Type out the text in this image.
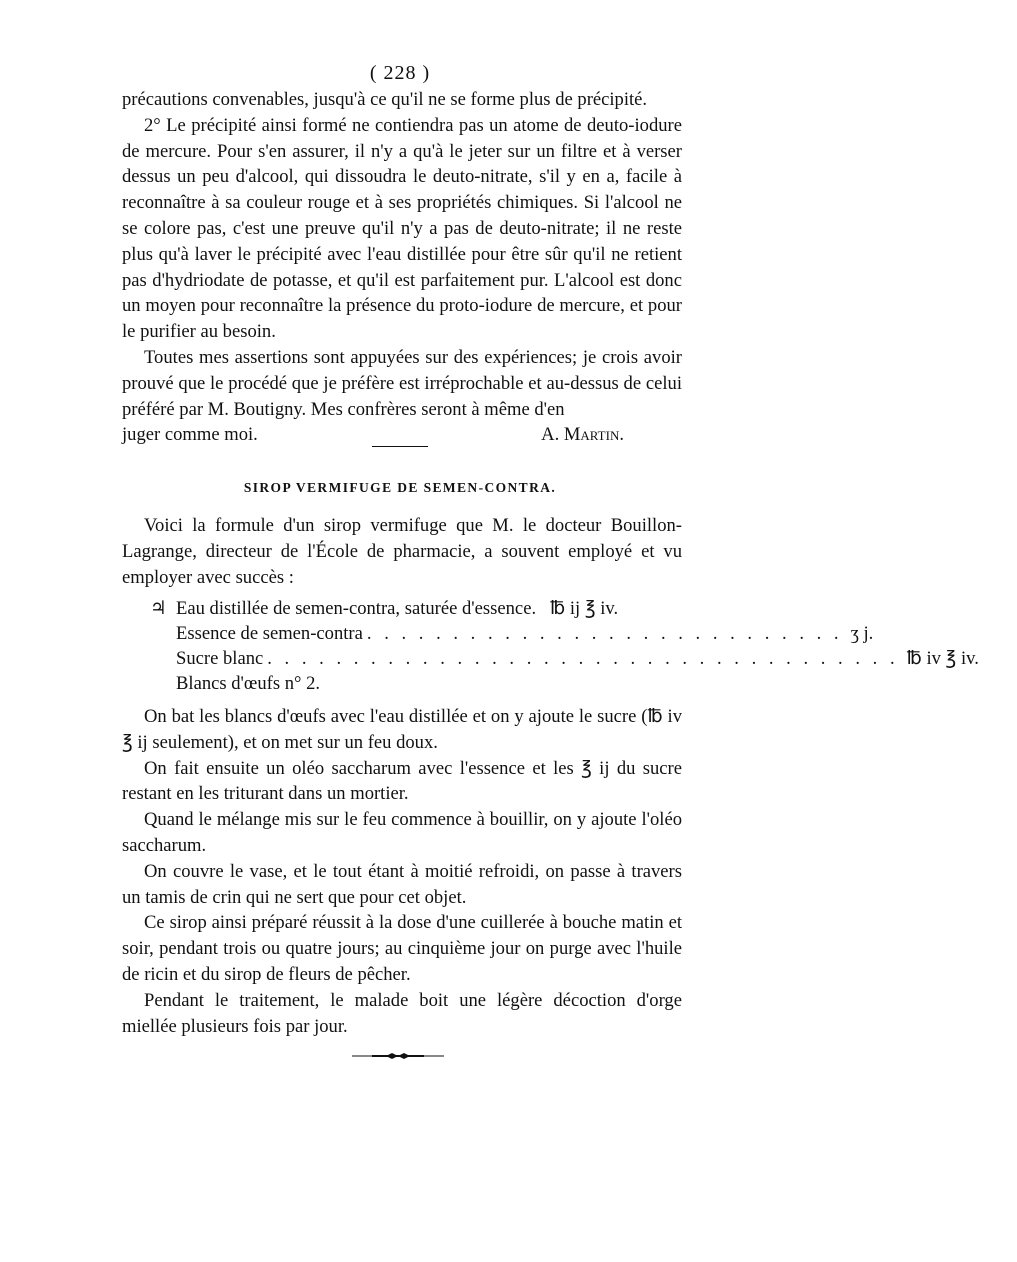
( 228 )

précautions convenables, jusqu'à ce qu'il ne se forme plus de précipité.

2° Le précipité ainsi formé ne contiendra pas un atome de deuto-iodure de mercure. Pour s'en assurer, il n'y a qu'à le jeter sur un filtre et à verser dessus un peu d'alcool, qui dissoudra le deuto-nitrate, s'il y en a, facile à reconnaître à sa couleur rouge et à ses propriétés chimiques. Si l'alcool ne se colore pas, c'est une preuve qu'il n'y a pas de deuto-nitrate; il ne reste plus qu'à laver le précipité avec l'eau distillée pour être sûr qu'il ne retient pas d'hydriodate de potasse, et qu'il est parfaitement pur. L'alcool est donc un moyen pour reconnaître la présence du proto-iodure de mercure, et pour le purifier au besoin.

Toutes mes assertions sont appuyées sur des expériences; je crois avoir prouvé que le procédé que je préfère est irréprochable et au-dessus de celui préféré par M. Boutigny. Mes confrères seront à même d'en

juger comme moi.	A. Martin.
SIROP VERMIFUGE DE SEMEN-CONTRA.

Voici la formule d'un sirop vermifuge que M. le docteur Bouillon-Lagrange, directeur de l'École de pharmacie, a souvent employé et vu employer avec succès :

♃ Eau distillée de semen-contra, saturée d'essence. ℔ ij ℥ iv.
Essence de semen-contra . . . . . . . . . . . . . . . . . . . . . . . . . . . . ʒ j.
Sucre blanc . . . . . . . . . . . . . . . . . . . . . . . . . . . . . . . . . . . . . ℔ iv ℥ iv.
Blancs d'œufs n° 2.

On bat les blancs d'œufs avec l'eau distillée et on y ajoute le sucre (℔ iv ℥ ij seulement), et on met sur un feu doux.

On fait ensuite un oléo saccharum avec l'essence et les ℥ ij du sucre restant en les triturant dans un mortier.

Quand le mélange mis sur le feu commence à bouillir, on y ajoute l'oléo saccharum.

On couvre le vase, et le tout étant à moitié refroidi, on passe à travers un tamis de crin qui ne sert que pour cet objet.

Ce sirop ainsi préparé réussit à la dose d'une cuillerée à bouche matin et soir, pendant trois ou quatre jours; au cinquième jour on purge avec l'huile de ricin et du sirop de fleurs de pêcher.

Pendant le traitement, le malade boit une légère décoction d'orge miellée plusieurs fois par jour.
